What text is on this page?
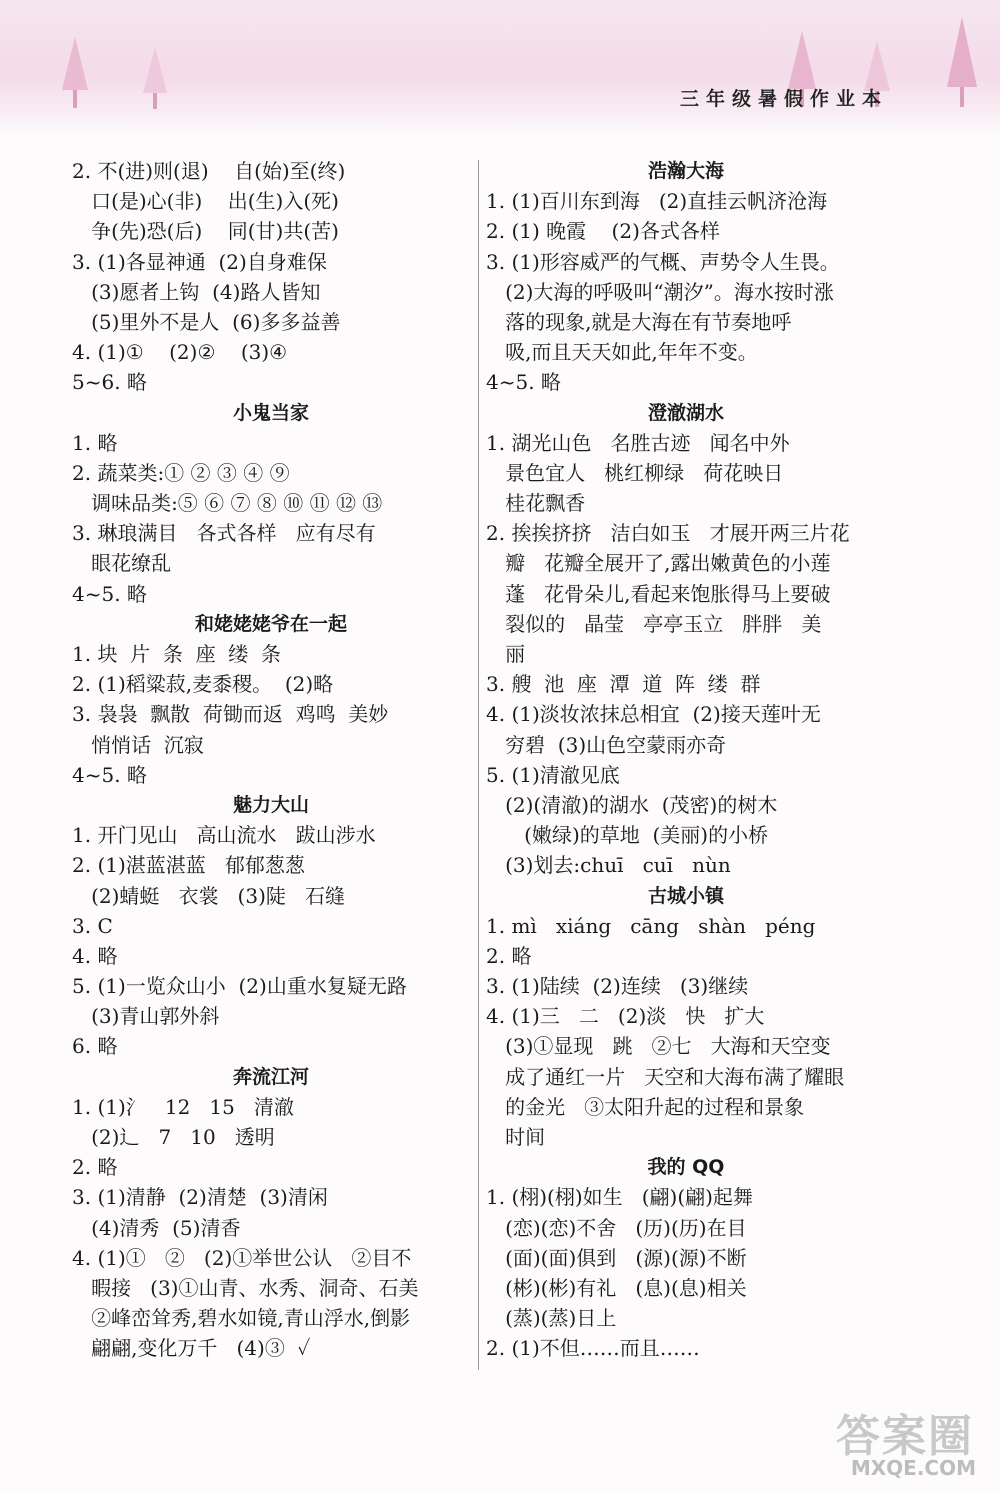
三年级暑假作业本
2. 不(进)则(退)    自(始)至(终)
口(是)心(非)    出(生)入(死)
争(先)恐(后)    同(甘)共(苦)
3. (1)各显神通  (2)自身难保
(3)愿者上钩  (4)路人皆知
(5)里外不是人  (6)多多益善
4. (1)①    (2)②    (3)④
5~6. 略
小鬼当家
1. 略
2. 蔬菜类:① ② ③ ④ ⑨
调味品类:⑤ ⑥ ⑦ ⑧ ⑩ ⑪ ⑫ ⑬
3. 琳琅满目   各式各样   应有尽有
眼花缭乱
4~5. 略
和姥姥姥爷在一起
1. 块  片  条  座  缕  条
2. (1)稻粱菽,麦黍稷。  (2)略
3. 袅袅  飘散  荷锄而返  鸡鸣  美妙
悄悄话  沉寂
4~5. 略
魅力大山
1. 开门见山   高山流水   跋山涉水
2. (1)湛蓝湛蓝   郁郁葱葱
(2)蜻蜓   衣裳   (3)陡   石缝
3. C
4. 略
5. (1)一览众山小  (2)山重水复疑无路
(3)青山郭外斜
6. 略
奔流江河
1. (1)氵   12   15   清澈
(2)辶   7   10   透明
2. 略
3. (1)清静  (2)清楚  (3)清闲
(4)清秀  (5)清香
4. (1)①   ②   (2)①举世公认   ②目不
暇接   (3)①山青、水秀、洞奇、石美
②峰峦耸秀,碧水如镜,青山浮水,倒影
翩翩,变化万千   (4)③  ✓
浩瀚大海
1. (1)百川东到海   (2)直挂云帆济沧海
2. (1) 晚霞    (2)各式各样
3. (1)形容威严的气概、声势令人生畏。
(2)大海的呼吸叫“潮汐”。海水按时涨
落的现象,就是大海在有节奏地呼
吸,而且天天如此,年年不变。
4~5. 略
澄澈湖水
1. 湖光山色   名胜古迹   闻名中外
景色宜人   桃红柳绿   荷花映日
桂花飘香
2. 挨挨挤挤   洁白如玉   才展开两三片花
瓣   花瓣全展开了,露出嫩黄色的小莲
蓬   花骨朵儿,看起来饱胀得马上要破
裂似的   晶莹   亭亭玉立   胖胖   美
丽
3. 艘  池  座  潭  道  阵  缕  群
4. (1)淡妆浓抹总相宜  (2)接天莲叶无
穷碧  (3)山色空蒙雨亦奇
5. (1)清澈见底
(2)(清澈)的湖水  (茂密)的树木
(嫩绿)的草地  (美丽)的小桥
(3)划去:chuī   cuī   nùn
古城小镇
1. mì   xiáng   cāng   shàn   péng
2. 略
3. (1)陆续  (2)连续   (3)继续
4. (1)三   二   (2)淡   快   扩大
(3)①显现   跳   ②七   大海和天空变
成了通红一片   天空和大海布满了耀眼
的金光   ③太阳升起的过程和景象
时间
我的 QQ
1. (栩)(栩)如生   (翩)(翩)起舞
(恋)(恋)不舍   (历)(历)在目
(面)(面)俱到   (源)(源)不断
(彬)(彬)有礼   (息)(息)相关
(蒸)(蒸)日上
2. (1)不但……而且……
答案圈
MXQE.COM
